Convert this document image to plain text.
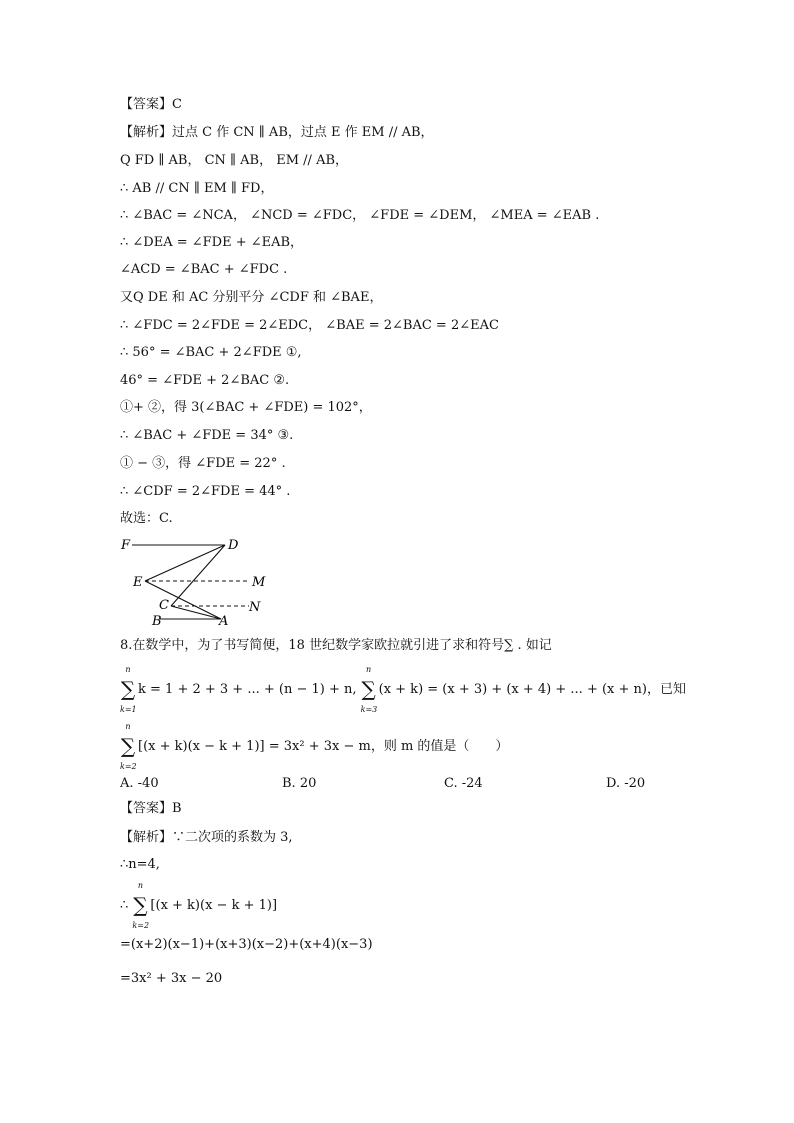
【答案】C
【解析】过点 C 作 CN ∥ AB，过点 E 作 EM // AB，
Q FD ∥ AB， CN ∥ AB， EM // AB，
∴ AB // CN ∥ EM ∥ FD，
∴ ∠BAC = ∠NCA， ∠NCD = ∠FDC， ∠FDE = ∠DEM， ∠MEA = ∠EAB .
∴ ∠DEA = ∠FDE + ∠EAB，
∠ACD = ∠BAC + ∠FDC .
又Q DE 和 AC 分别平分 ∠CDF 和 ∠BAE，
∴ ∠FDC = 2∠FDE = 2∠EDC， ∠BAE = 2∠BAC = 2∠EAC
∴ 56° = ∠BAC + 2∠FDE ①,
46° = ∠FDE + 2∠BAC ②.
①+ ②，得 3(∠BAC + ∠FDE) = 102°，
∴ ∠BAC + ∠FDE = 34° ③.
① − ③，得 ∠FDE = 22° .
∴ ∠CDF = 2∠FDE = 44° .
故选：C.
F	D
E	M
C	N
B	A
8.在数学中，为了书写简便，18 世纪数学家欧拉就引进了求和符号∑ . 如记
n
∑
k=1
k = 1 + 2 + 3 + ... + (n − 1) + n,
n
∑
k=3
(x + k) = (x + 3) + (x + 4) + ... + (x + n)，已知
n
∑
k=2
[(x + k)(x − k + 1)] = 3x² + 3x − m，则 m 的值是（　　）
A. -40	B. 20	C. -24	D. -20
【答案】B
【解析】∵二次项的系数为 3,
∴n=4,
∴
n
∑
k=2
[(x + k)(x − k + 1)]
=(x+2)(x−1)+(x+3)(x−2)+(x+4)(x−3)
=3x² + 3x − 20
